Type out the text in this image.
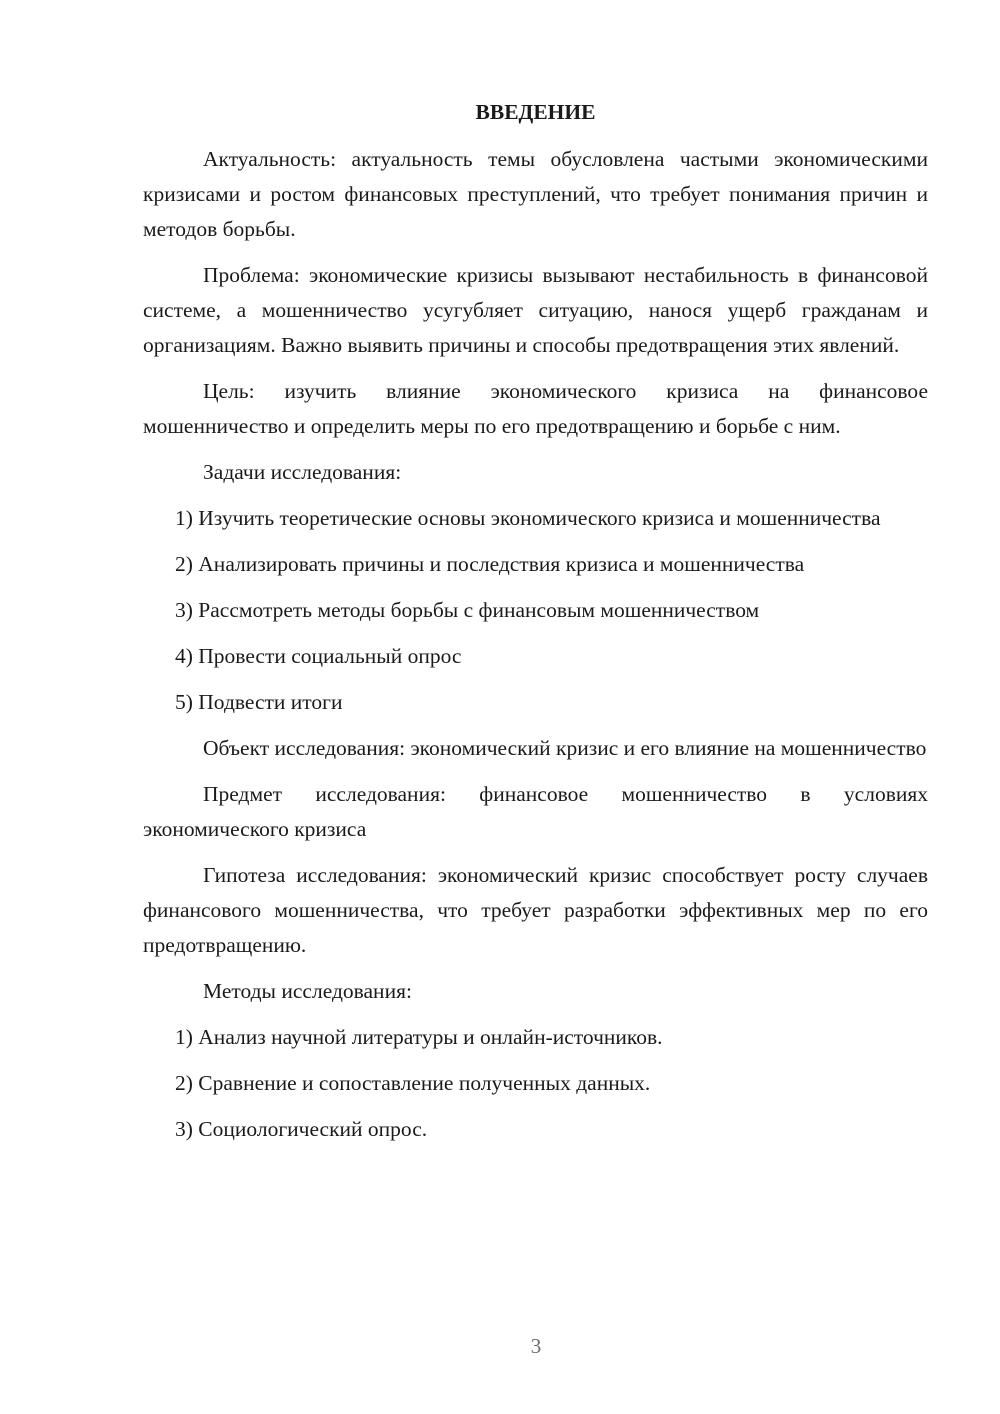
ВВЕДЕНИЕ

Актуальность: актуальность темы обусловлена частыми экономическими кризисами и ростом финансовых преступлений, что требует понимания причин и методов борьбы.

Проблема: экономические кризисы вызывают нестабильность в финансовой системе, а мошенничество усугубляет ситуацию, нанося ущерб гражданам и организациям. Важно выявить причины и способы предотвращения этих явлений.

Цель: изучить влияние экономического кризиса на финансовое мошенничество и определить меры по его предотвращению и борьбе с ним.

Задачи исследования:

1) Изучить теоретические основы экономического кризиса и мошенничества

2) Анализировать причины и последствия кризиса и мошенничества

3) Рассмотреть методы борьбы с финансовым мошенничеством

4) Провести социальный опрос

5) Подвести итоги

Объект исследования: экономический кризис и его влияние на мошенничество

Предмет исследования: финансовое мошенничество в условиях экономического кризиса

Гипотеза исследования: экономический кризис способствует росту случаев финансового мошенничества, что требует разработки эффективных мер по его предотвращению.

Методы исследования:

1) Анализ научной литературы и онлайн-источников.

2) Сравнение и сопоставление полученных данных.

3) Социологический опрос.

3
